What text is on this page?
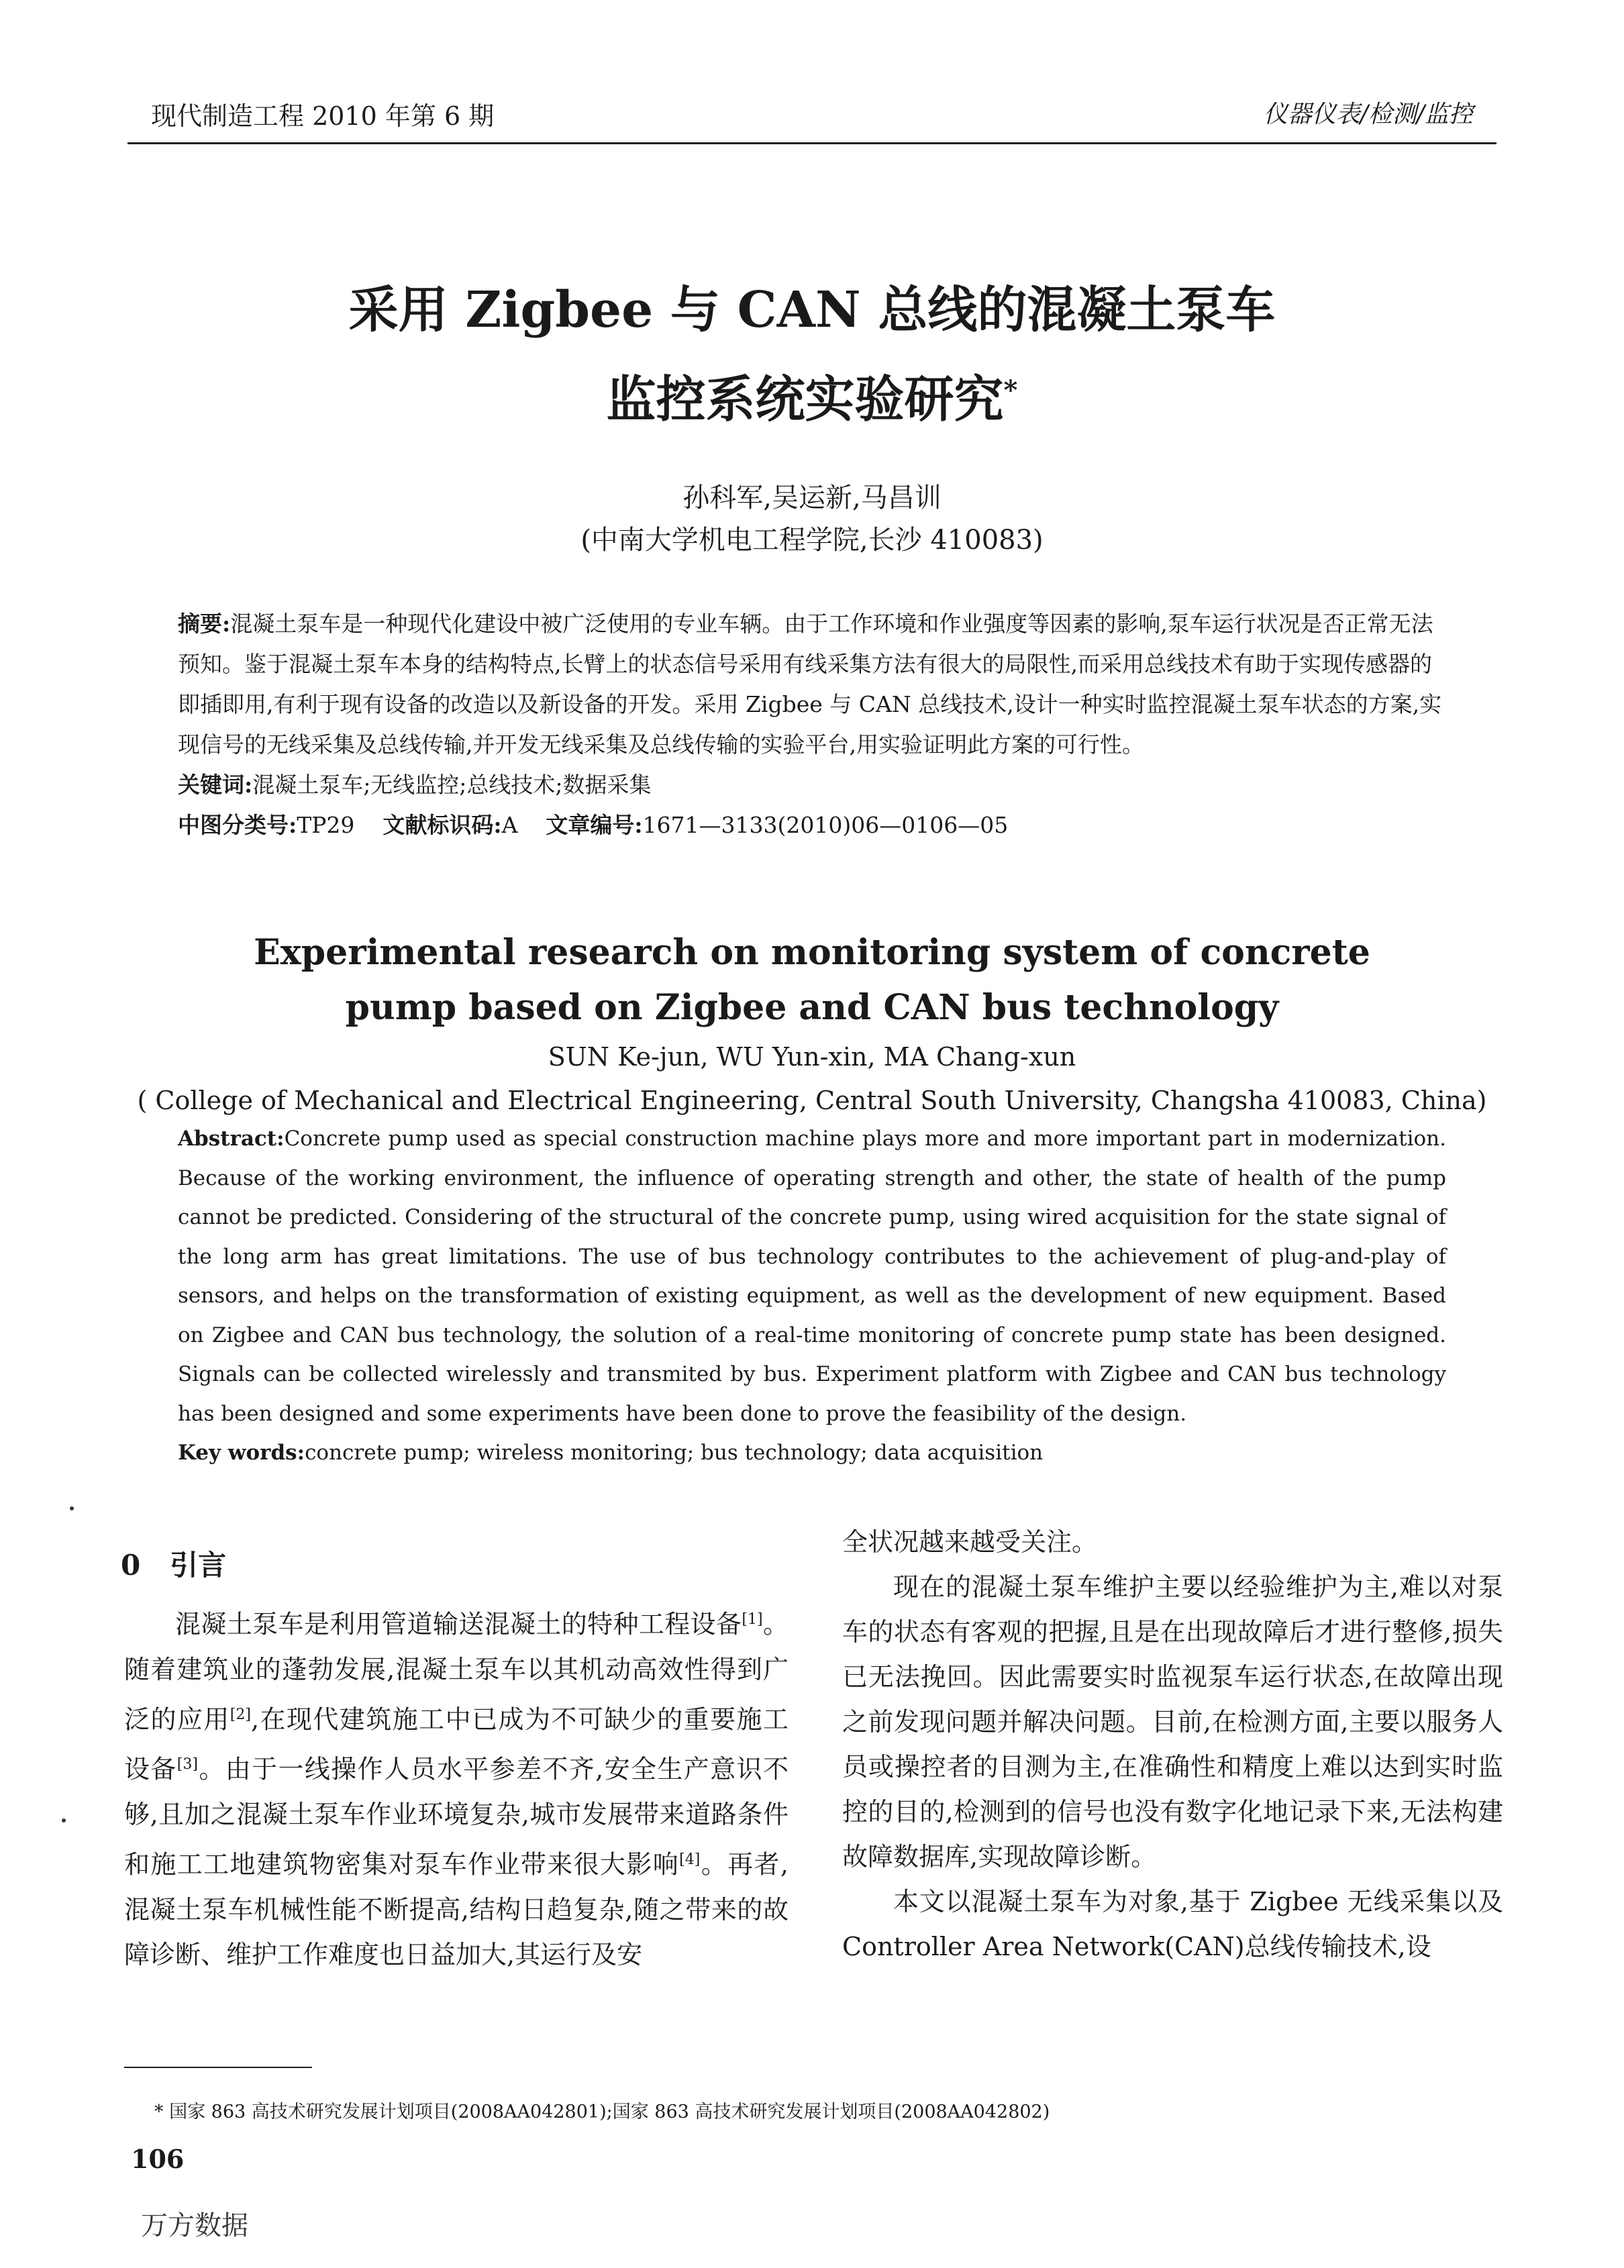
现代制造工程 2010 年第 6 期	仪器仪表/检测/监控
采用 Zigbee 与 CAN 总线的混凝土泵车
监控系统实验研究*
孙科军,吴运新,马昌训
(中南大学机电工程学院,长沙 410083)
摘要:混凝土泵车是一种现代化建设中被广泛使用的专业车辆。由于工作环境和作业强度等因素的影响,泵车运行状况是否正常无法预知。鉴于混凝土泵车本身的结构特点,长臂上的状态信号采用有线采集方法有很大的局限性,而采用总线技术有助于实现传感器的即插即用,有利于现有设备的改造以及新设备的开发。采用 Zigbee 与 CAN 总线技术,设计一种实时监控混凝土泵车状态的方案,实现信号的无线采集及总线传输,并开发无线采集及总线传输的实验平台,用实验证明此方案的可行性。
关键词:混凝土泵车;无线监控;总线技术;数据采集
中图分类号:TP29 文献标识码:A 文章编号:1671—3133(2010)06—0106—05
Experimental research on monitoring system of concrete
pump based on Zigbee and CAN bus technology
SUN Ke-jun, WU Yun-xin, MA Chang-xun
( College of Mechanical and Electrical Engineering, Central South University, Changsha 410083, China)
Abstract:Concrete pump used as special construction machine plays more and more important part in modernization. Because of the working environment, the influence of operating strength and other, the state of health of the pump cannot be predicted. Considering of the structural of the concrete pump, using wired acquisition for the state signal of the long arm has great limitations. The use of bus technology contributes to the achievement of plug-and-play of sensors, and helps on the transformation of existing equipment, as well as the development of new equipment. Based on Zigbee and CAN bus technology, the solution of a real-time monitoring of concrete pump state has been designed. Signals can be collected wirelessly and transmited by bus. Experiment platform with Zigbee and CAN bus technology has been designed and some experiments have been done to prove the feasibility of the design.
Key words:concrete pump; wireless monitoring; bus technology; data acquisition
0 引言

混凝土泵车是利用管道输送混凝土的特种工程设备[1]。随着建筑业的蓬勃发展,混凝土泵车以其机动高效性得到广泛的应用[2],在现代建筑施工中已成为不可缺少的重要施工设备[3]。由于一线操作人员水平参差不齐,安全生产意识不够,且加之混凝土泵车作业环境复杂,城市发展带来道路条件和施工工地建筑物密集对泵车作业带来很大影响[4]。再者,混凝土泵车机械性能不断提高,结构日趋复杂,随之带来的故障诊断、维护工作难度也日益加大,其运行及安

全状况越来越受关注。

现在的混凝土泵车维护主要以经验维护为主,难以对泵车的状态有客观的把握,且是在出现故障后才进行整修,损失已无法挽回。因此需要实时监视泵车运行状态,在故障出现之前发现问题并解决问题。目前,在检测方面,主要以服务人员或操控者的目测为主,在准确性和精度上难以达到实时监控的目的,检测到的信号也没有数字化地记录下来,无法构建故障数据库,实现故障诊断。

本文以混凝土泵车为对象,基于 Zigbee 无线采集以及 Controller Area Network(CAN)总线传输技术,设

* 国家 863 高技术研究发展计划项目(2008AA042801);国家 863 高技术研究发展计划项目(2008AA042802)
106
万方数据
